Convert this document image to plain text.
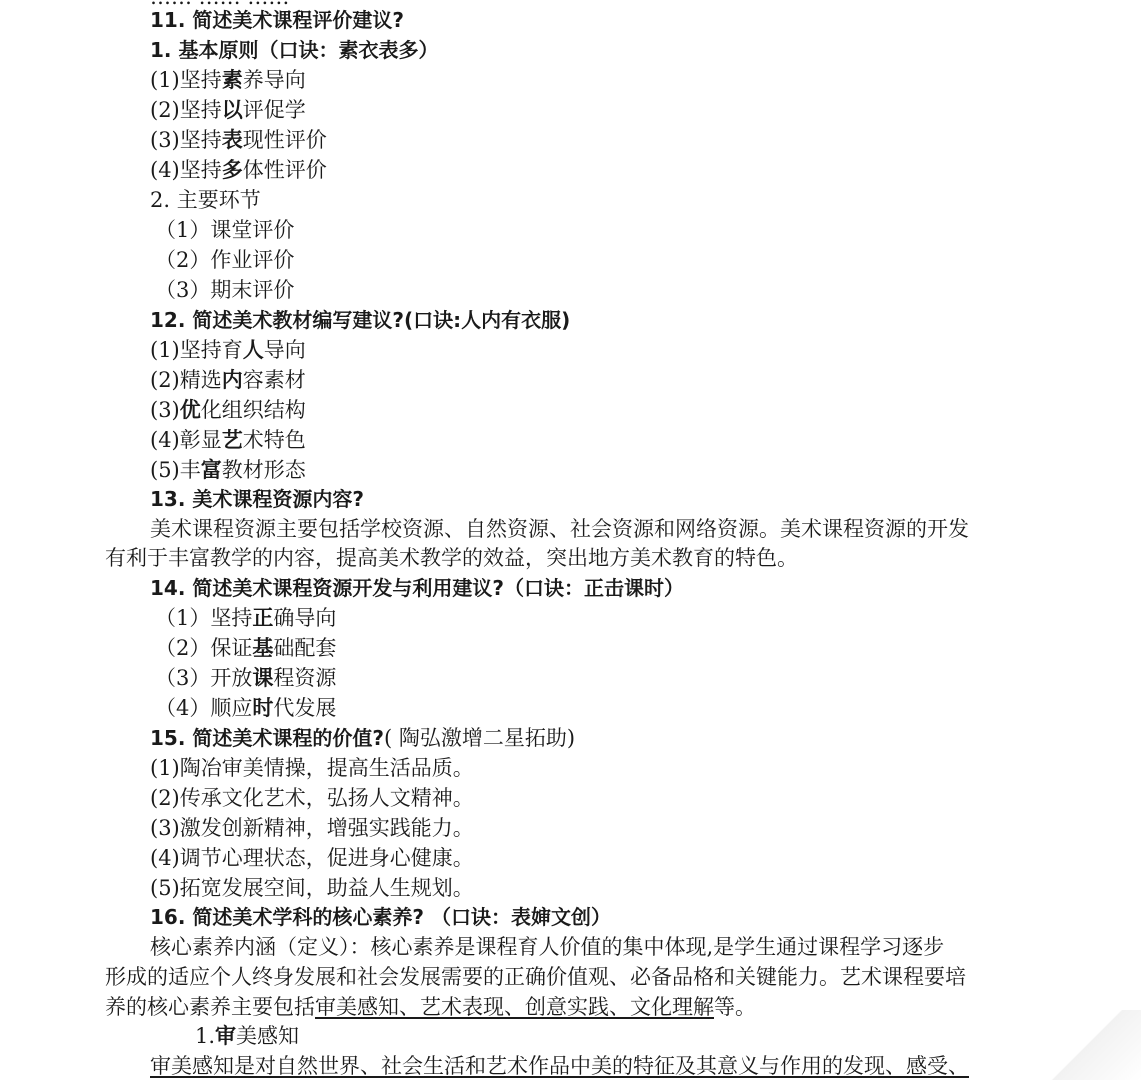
11. 简述美术课程评价建议?
1. 基本原则（口诀：素衣表多）
(1)坚持素养导向
(2)坚持以评促学
(3)坚持表现性评价
(4)坚持多体性评价
2. 主要环节
（1）课堂评价
（2）作业评价
（3）期末评价
12. 简述美术教材编写建议?(口诀:人内有衣服)
(1)坚持育人导向
(2)精选内容素材
(3)优化组织结构
(4)彰显艺术特色
(5)丰富教材形态
13. 美术课程资源内容?
美术课程资源主要包括学校资源、自然资源、社会资源和网络资源。美术课程资源的开发
有利于丰富教学的内容，提高美术教学的效益，突出地方美术教育的特色。
14. 简述美术课程资源开发与利用建议?（口诀：正击课时）
（1）坚持正确导向
（2）保证基础配套
（3）开放课程资源
（4）顺应时代发展
15. 简述美术课程的价值?( 陶弘激增二星拓助)
(1)陶冶审美情操，提高生活品质。
(2)传承文化艺术，弘扬人文精神。
(3)激发创新精神，增强实践能力。
(4)调节心理状态，促进身心健康。
(5)拓宽发展空间，助益人生规划。
16. 简述美术学科的核心素养? （口诀：表婶文创）
核心素养内涵（定义）：核心素养是课程育人价值的集中体现,是学生通过课程学习逐步
形成的适应个人终身发展和社会发展需要的正确价值观、必备品格和关键能力。艺术课程要培
养的核心素养主要包括审美感知、艺术表现、创意实践、文化理解等。
1.审美感知
审美感知是对自然世界、社会生活和艺术作品中美的特征及其意义与作用的发现、感受、
